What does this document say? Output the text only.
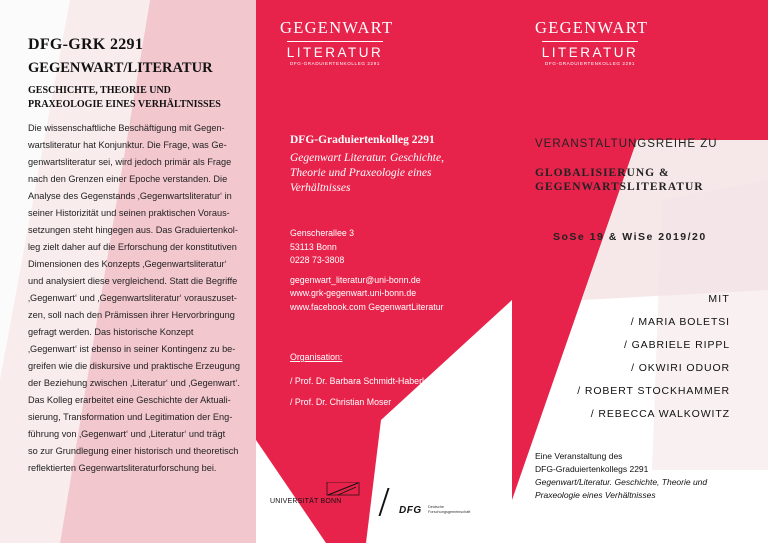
DFG-GRK 2291
GEGENWART/LITERATUR
GESCHICHTE, THEORIE UND
PRAXEOLOGIE EINES VERHÄLTNISSES
Die wissenschaftliche Beschäftigung mit Gegen-
wartsliteratur hat Konjunktur. Die Frage, was Ge-
genwartsliteratur sei, wird jedoch primär als Frage
nach den Grenzen einer Epoche verstanden. Die
Analyse des Gegenstands ‚Gegenwartsliteratur‘ in
seiner Historizität und seinen praktischen Voraus-
setzungen steht hingegen aus. Das Graduiertenkol-
leg zielt daher auf die Erforschung der konstitutiven
Dimensionen des Konzepts ‚Gegenwartsliteratur‘
und analysiert diese vergleichend. Statt die Begriffe
‚Gegenwart‘ und ‚Gegenwartsliteratur‘ vorauszuset-
zen, soll nach den Prämissen ihrer Hervorbringung
gefragt werden. Das historische Konzept
‚Gegenwart‘ ist ebenso in seiner Kontingenz zu be-
greifen wie die diskursive und praktische Erzeugung
der Beziehung zwischen ‚Literatur‘ und ‚Gegenwart‘.
Das Kolleg erarbeitet eine Geschichte der Aktuali-
sierung, Transformation und Legitimation der Eng-
führung von ‚Gegenwart‘ und ‚Literatur‘ und trägt
so zur Grundlegung einer historisch und theoretisch
reflektierten Gegenwartsliteraturforschung bei.
GEGENWART
LITERATUR
DFG-GRADUIERTENKOLLEG 2291
DFG-Graduiertenkolleg 2291
Gegenwart Literatur. Geschichte,
Theorie und Praxeologie eines
Verhältnisses
Genscherallee 3
53113 Bonn
0228 73-3808
gegenwart_literatur@uni-bonn.de
www.grk-gegenwart.uni-bonn.de
www.facebook.com GegenwartLiteratur
Organisation:
/ Prof. Dr. Barbara Schmidt-Haberkamp
/ Prof. Dr. Christian Moser
GEGENWART
LITERATUR
DFG-GRADUIERTENKOLLEG 2291
VERANSTALTUNGSREIHE ZU
GLOBALISIERUNG &
GEGENWARTSLITERATUR
SoSe 19 & WiSe 2019/20
MIT
/ MARIA BOLETSI
/ GABRIELE RIPPL
/ OKWIRI ODUOR
/ ROBERT STOCKHAMMER
/ REBECCA WALKOWITZ
Eine Veranstaltung des
DFG-Graduiertenkollegs 2291
Gegenwart/Literatur. Geschichte, Theorie und
Praxeologie eines Verhältnisses
UNIVERSITÄT BONN
DFG Deutsche
Forschungsgemeinschaft
